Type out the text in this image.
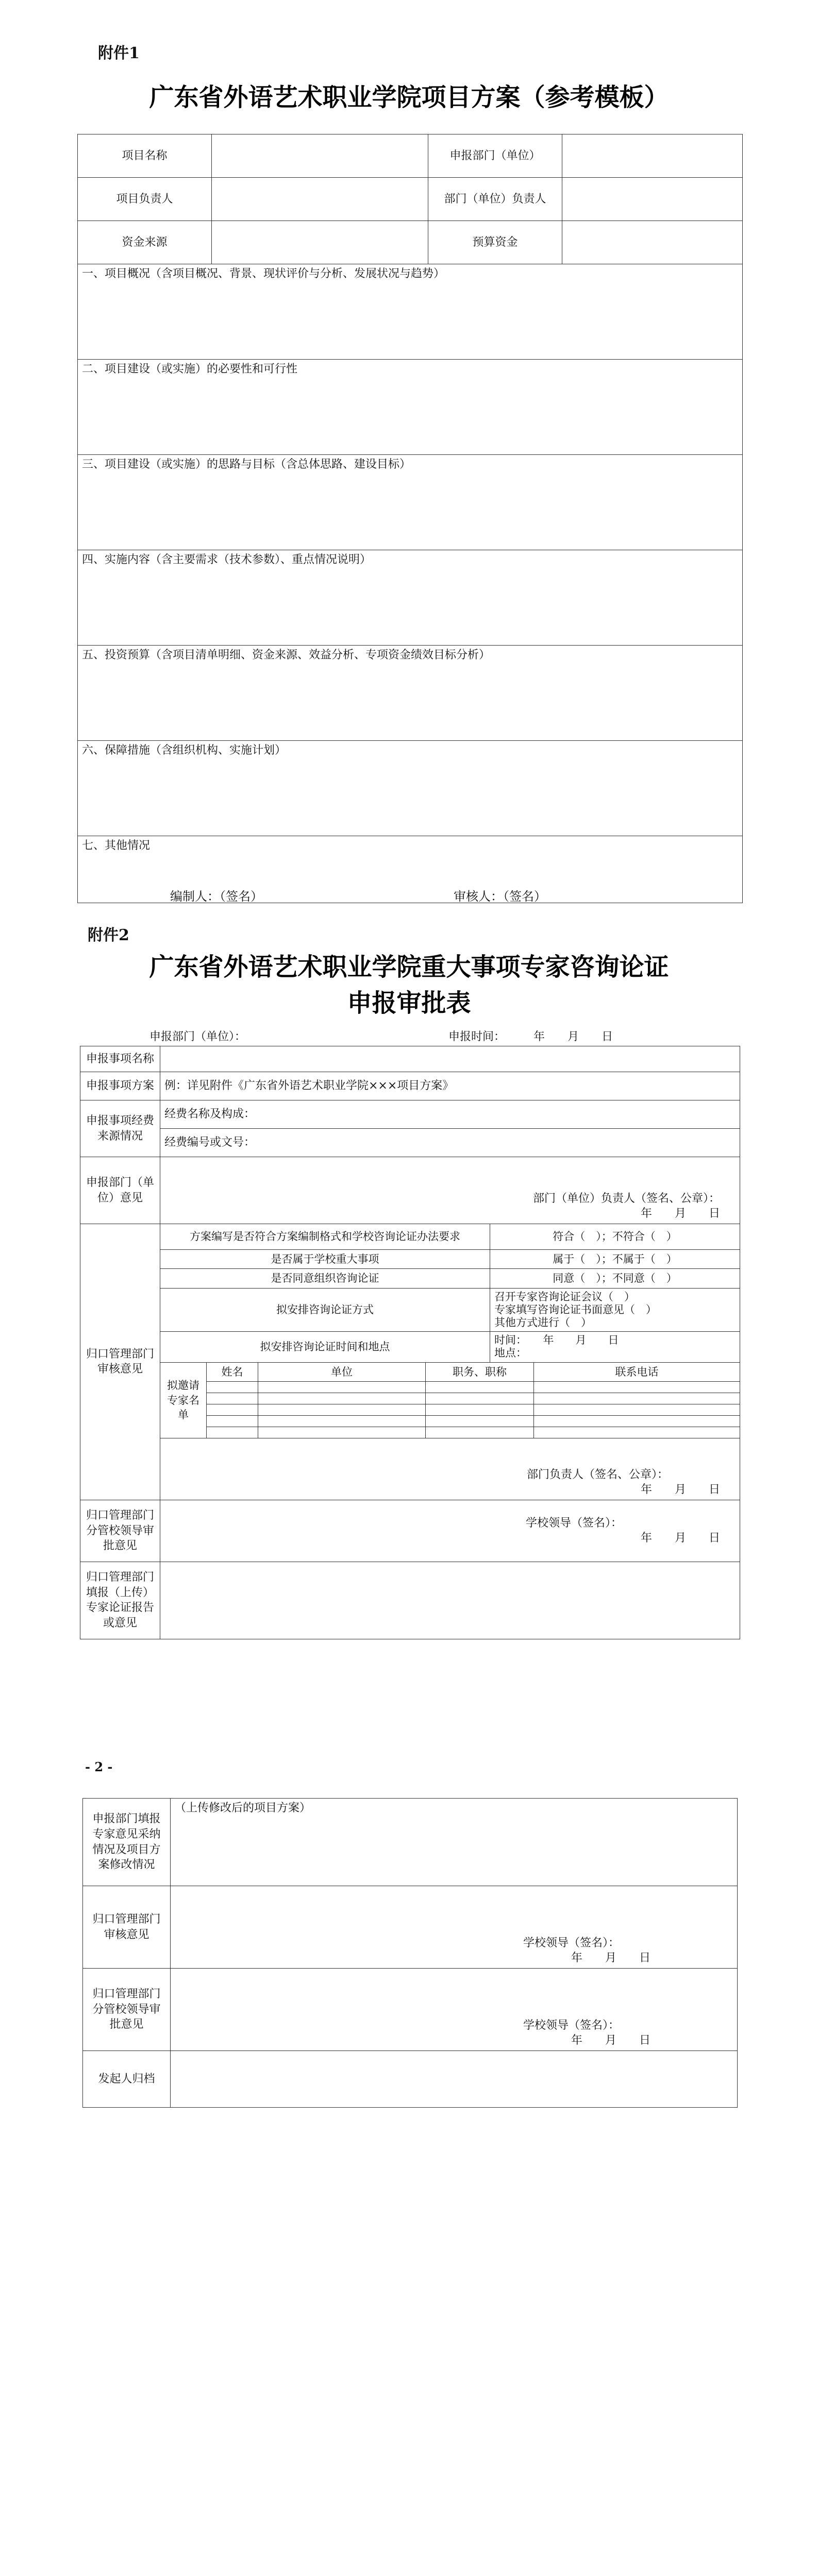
附件1
广东省外语艺术职业学院项目方案（参考模板）
项目名称		申报部门（单位）	
项目负责人		部门（单位）负责人	
资金来源		预算资金	
一、项目概况（含项目概况、背景、现状评价与分析、发展状况与趋势）			
二、项目建设（或实施）的必要性和可行性			
三、项目建设（或实施）的思路与目标（含总体思路、建设目标）			
四、实施内容（含主要需求（技术参数）、重点情况说明）			
五、投资预算（含项目清单明细、资金来源、效益分析、专项资金绩效目标分析）			
六、保障措施（含组织机构、实施计划）			
七、其他情况			
编制人：（签名）	审核人：（签名）
附件2
广东省外语艺术职业学院重大事项专家咨询论证
申报审批表
申报部门（单位）：	申报时间：　　　	年　　 月　　 日
申报事项名称						
申报事项方案	例：详见附件《广东省外语艺术职业学院×××项目方案》					
申报事项经费来源情况	经费名称及构成：					
	经费编号或文号：					
申报部门（单位）意见	部门（单位）负责人（签名、公章）：
年
　　 月
　　 日					

归口管理部门审核意见	方案编写是否符合方案编制格式和学校咨询论证办法要求				符合（　）；不符合（　）	
	是否属于学校重大事项				属于（　）；不属于（　）	
	是否同意组织咨询论证				同意（　）；不同意（　）	
	拟安排咨询论证方式				召开专家咨询论证会议（　）
专家填写咨询论证书面意见（　）
其他方式进行（　）	

	拟安排咨询论证时间和地点				时间：　　年　　月　　日
地点：	

	拟邀请专家名单	姓名	单位	职务、职称		联系电话

	部门负责人（签名、公章）：
年
　　 月
　　 日					

归口管理部门分管校领导审批意见	学校领导（签名）：
年
　　 月
　　 日					

归口管理部门填报（上传）专家论证报告或意见						
- 2 -
申报部门填报专家意见采纳情况及项目方案修改情况	（上传修改后的项目方案）
归口管理部门审核意见	学校领导（签名）：
年
　　 月
　　 日

归口管理部门分管校领导审批意见	学校领导（签名）：
年
　　 月
　　 日

发起人归档	
